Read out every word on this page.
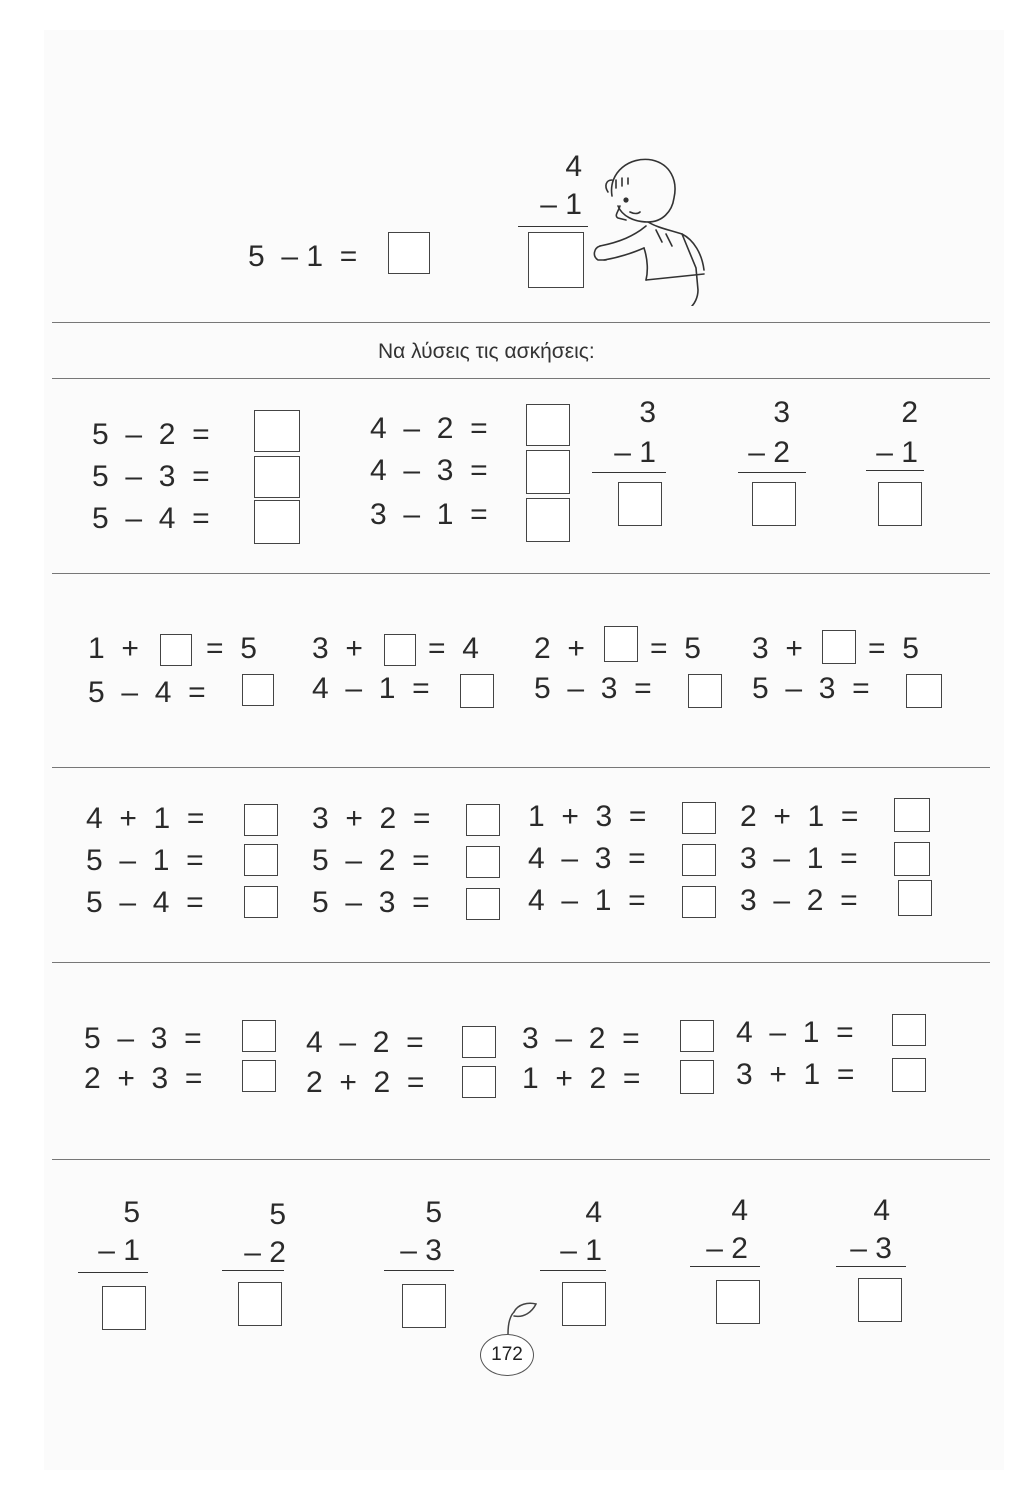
5  – 1  =
4
– 1
Να λύσεις τις ασκήσεις:
5  –  2  =
5  –  3  =
5  –  4  =
4  –  2  =
4  –  3  =
3  –  1  =
3
– 1
3
– 2
2
– 1
1  + =  5 3  + =  4 2  + =  5 3  + =  5
5  –  4  =	4  –  1  =	5  –  3  =	5  –  3  =
4  +  1  =
5  –  1  =
5  –  4  =
3  +  2  =
5  –  2  =
5  –  3  =
1  +  3  =
4  –  3  =
4  –  1  =
2  +  1  =
3  –  1  =
3  –  2  =
5  –  3  =
2  +  3  =
4  –  2  =
2  +  2  =
3  –  2  =
1  +  2  =
4  –  1  =
3  +  1  =
5
– 1
5
– 2
5
– 3
4
– 1
4
– 2
4
– 3
172
